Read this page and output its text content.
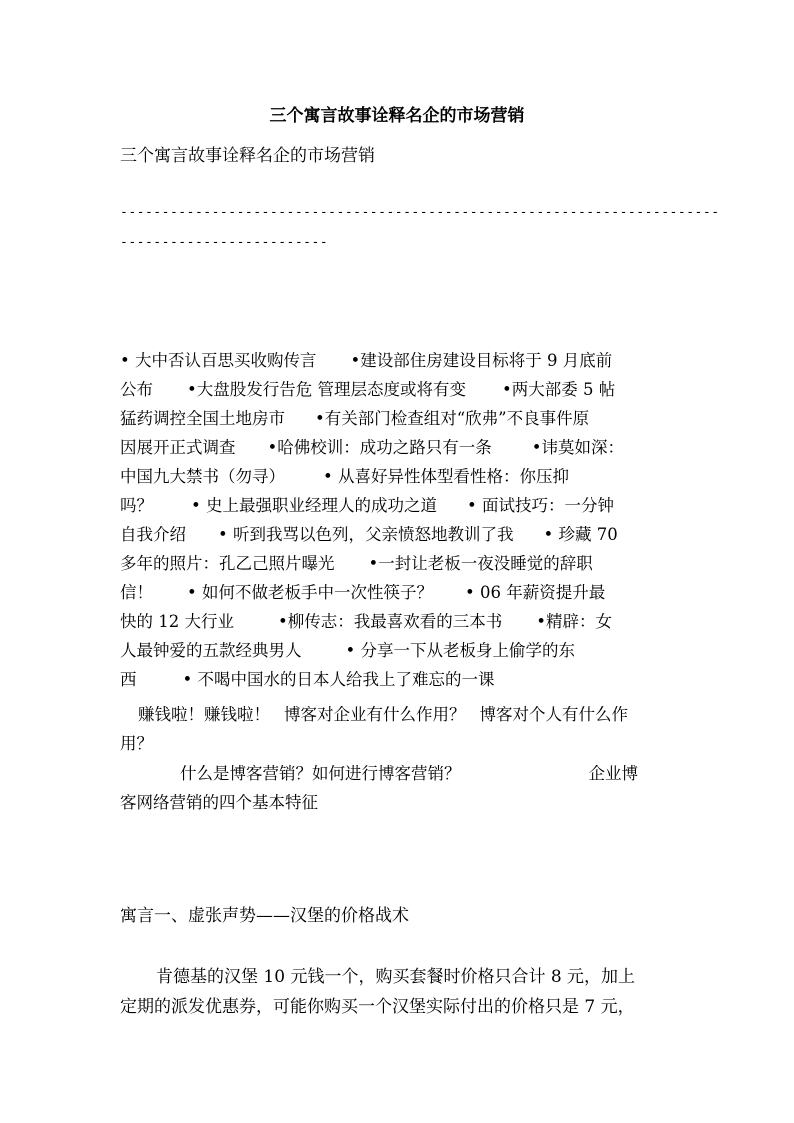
三个寓言故事诠释名企的市场营销
三个寓言故事诠释名企的市场营销
------------------------------------------------------------------------
-------------------------
• 大中否认百思买收购传言 •建设部住房建设目标将于 9 月底前
公布 •大盘股发行告危 管理层态度或将有变 •两大部委 5 帖
猛药调控全国土地房市 •有关部门检查组对“欣弗”不良事件原
因展开正式调查 •哈佛校训：成功之路只有一条 •讳莫如深：
中国九大禁书（勿寻） • 从喜好异性体型看性格：你压抑
吗？ • 史上最强职业经理人的成功之道 • 面试技巧：一分钟
自我介绍 • 听到我骂以色列，父亲愤怒地教训了我 • 珍藏 70
多年的照片：孔乙己照片曝光 •一封让老板一夜没睡觉的辞职
信！ • 如何不做老板手中一次性筷子？ • 06 年薪资提升最
快的 12 大行业	•柳传志：我最喜欢看的三本书 •精辟：女
人最钟爱的五款经典男人	• 分享一下从老板身上偷学的东
西	• 不喝中国水的日本人给我上了难忘的一课
赚钱啦！赚钱啦！ 博客对企业有什么作用？ 博客对个人有什么作
用？
什么是博客营销？如何进行博客营销？	企业博
客网络营销的四个基本特征
寓言一、虚张声势——汉堡的价格战术
肯德基的汉堡 10 元钱一个，购买套餐时价格只合计 8 元，加上
定期的派发优惠券，可能你购买一个汉堡实际付出的价格只是 7 元，
